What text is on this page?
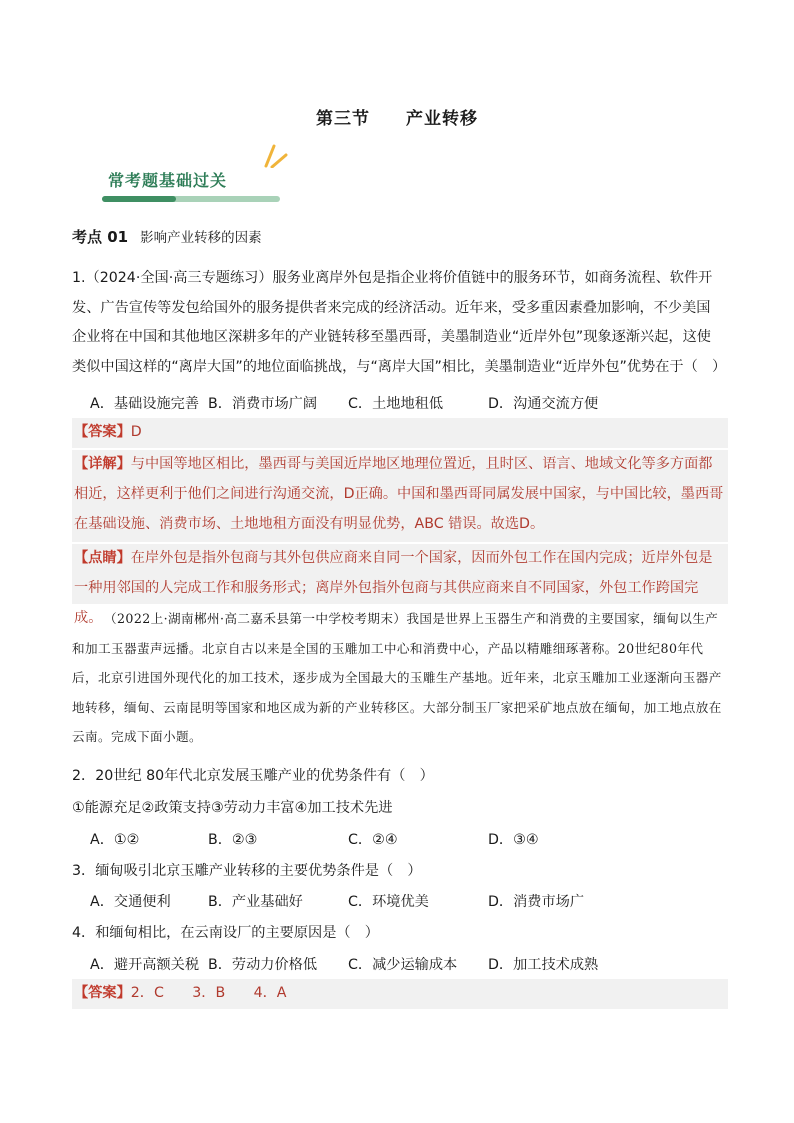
第三节 产业转移
常考题基础过关
考点 01 影响产业转移的因素
1.（2024·全国·高三专题练习）服务业离岸外包是指企业将价值链中的服务环节，如商务流程、软件开发、广告宣传等发包给国外的服务提供者来完成的经济活动。近年来，受多重因素叠加影响，不少美国企业将在中国和其他地区深耕多年的产业链转移至墨西哥，美墨制造业“近岸外包”现象逐渐兴起，这使类似中国这样的“离岸大国”的地位面临挑战，与“离岸大国”相比，美墨制造业“近岸外包”优势在于（　）
A．基础设施完善 B．消费市场广阔 C．土地地租低	D．沟通交流方便
【答案】D
【详解】与中国等地区相比，墨西哥与美国近岸地区地理位置近，且时区、语言、地域文化等多方面都相近，这样更利于他们之间进行沟通交流，D正确。中国和墨西哥同属发展中国家，与中国比较，墨西哥在基础设施、消费市场、土地地租方面没有明显优势，ABC 错误。故选D。
【点睛】在岸外包是指外包商与其外包供应商来自同一个国家，因而外包工作在国内完成；近岸外包是一种用邻国的人完成工作和服务形式；离岸外包指外包商与其供应商来自不同国家，外包工作跨国完成。 （2022上·湖南郴州·高二嘉禾县第一中学校考期末）我国是世界上玉器生产和消费的主要国家，缅甸以生产和加工玉器蜚声远播。北京自古以来是全国的玉雕加工中心和消费中心，产品以精雕细琢著称。20世纪80年代后，北京引进国外现代化的加工技术，逐步成为全国最大的玉雕生产基地。近年来，北京玉雕加工业逐渐向玉器产地转移，缅甸、云南昆明等国家和地区成为新的产业转移区。大部分制玉厂家把采矿地点放在缅甸，加工地点放在云南。完成下面小题。
2．20世纪 80年代北京发展玉雕产业的优势条件有（　）
①能源充足②政策支持③劳动力丰富④加工技术先进
A．①②	B．②③	C．②④	D．③④
3．缅甸吸引北京玉雕产业转移的主要优势条件是（　）
A．交通便利	B．产业基础好	C．环境优美	D．消费市场广
4．和缅甸相比，在云南设厂的主要原因是（　）
A．避开高额关税 B．劳动力价格低 C．减少运输成本 D．加工技术成熟
【答案】2．C　　3．B　　4．A
